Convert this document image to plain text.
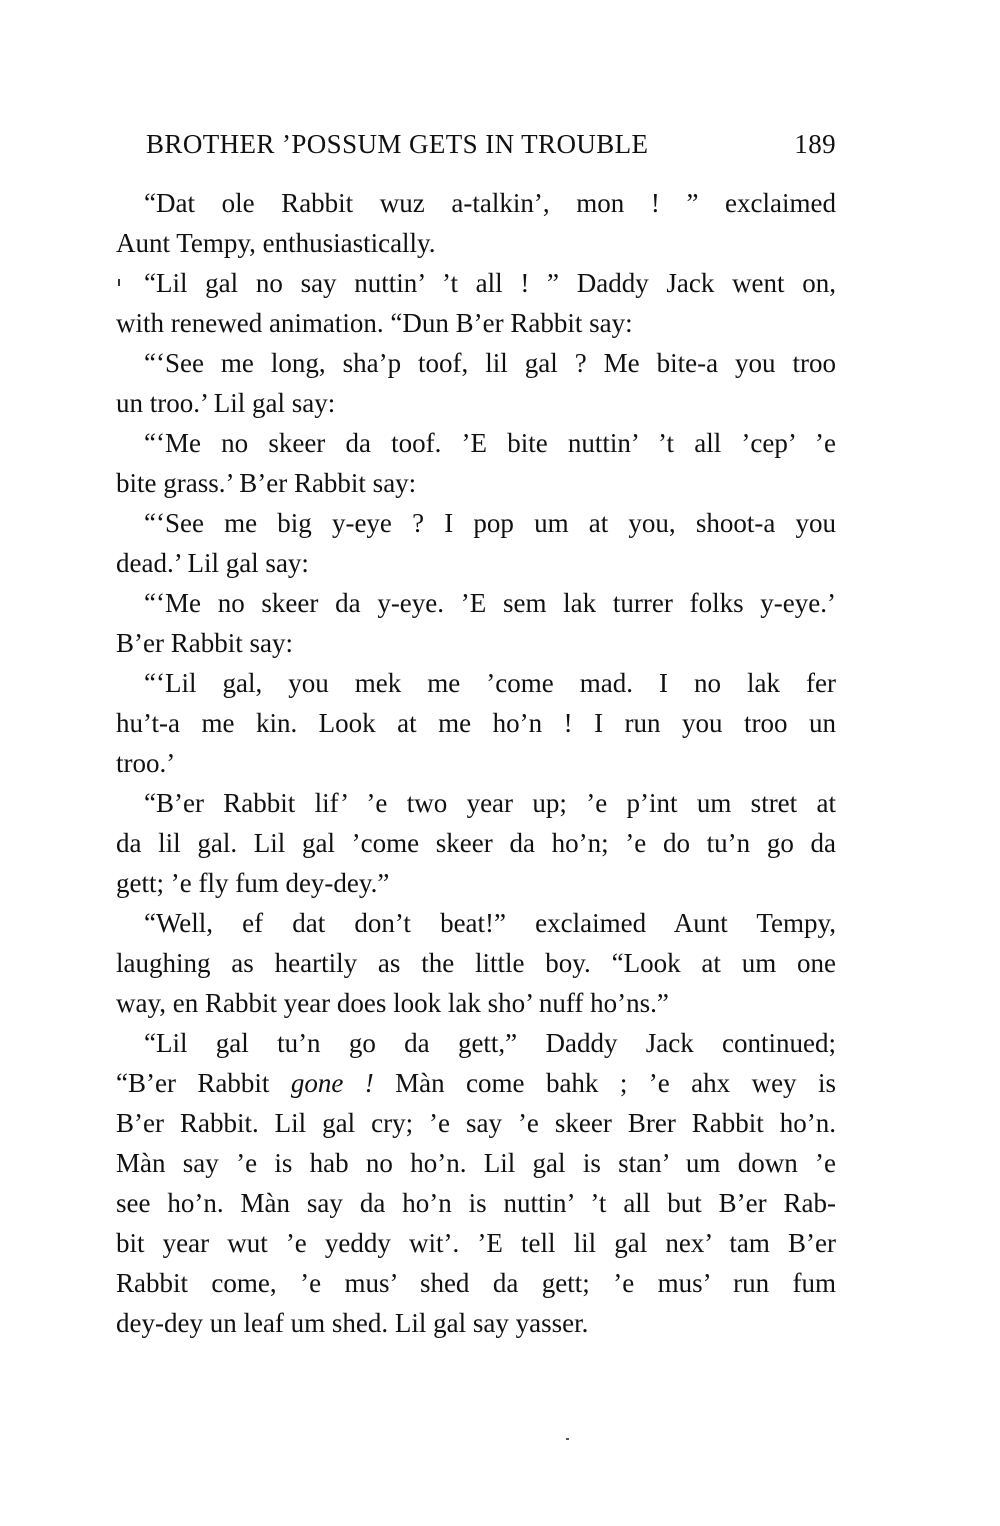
BROTHER ’POSSUM GETS IN TROUBLE	189

“Dat ole Rabbit wuz a-talkin’, mon ! ” exclaimed
Aunt Tempy, enthusiastically.

“Lil gal no say nuttin’ ’t all ! ” Daddy Jack went on,
with renewed animation. “Dun B’er Rabbit say:

“‘See me long, sha’p toof, lil gal ? Me bite-a you troo
un troo.’ Lil gal say:

“‘Me no skeer da toof. ’E bite nuttin’ ’t all ’cep’ ’e
bite grass.’ B’er Rabbit say:

“‘See me big y-eye ? I pop um at you, shoot-a you
dead.’ Lil gal say:

“‘Me no skeer da y-eye. ’E sem lak turrer folks y-eye.’
B’er Rabbit say:

“‘Lil gal, you mek me ’come mad. I no lak fer
hu’t-a me kin. Look at me ho’n ! I run you troo un
troo.’

“B’er Rabbit lif’ ’e two year up; ’e p’int um stret at
da lil gal. Lil gal ’come skeer da ho’n; ’e do tu’n go da
gett; ’e fly fum dey-dey.”

“Well, ef dat don’t beat!” exclaimed Aunt Tempy,
laughing as heartily as the little boy. “Look at um one
way, en Rabbit year does look lak sho’ nuff ho’ns.”

“Lil gal tu’n go da gett,” Daddy Jack continued;
“B’er Rabbit gone ! Màn come bahk ; ’e ahx wey is
B’er Rabbit. Lil gal cry; ’e say ’e skeer Brer Rabbit ho’n.
Màn say ’e is hab no ho’n. Lil gal is stan’ um down ’e
see ho’n. Màn say da ho’n is nuttin’ ’t all but B’er Rab-
bit year wut ’e yeddy wit’. ’E tell lil gal nex’ tam B’er
Rabbit come, ’e mus’ shed da gett; ’e mus’ run fum
dey-dey un leaf um shed. Lil gal say yasser.
